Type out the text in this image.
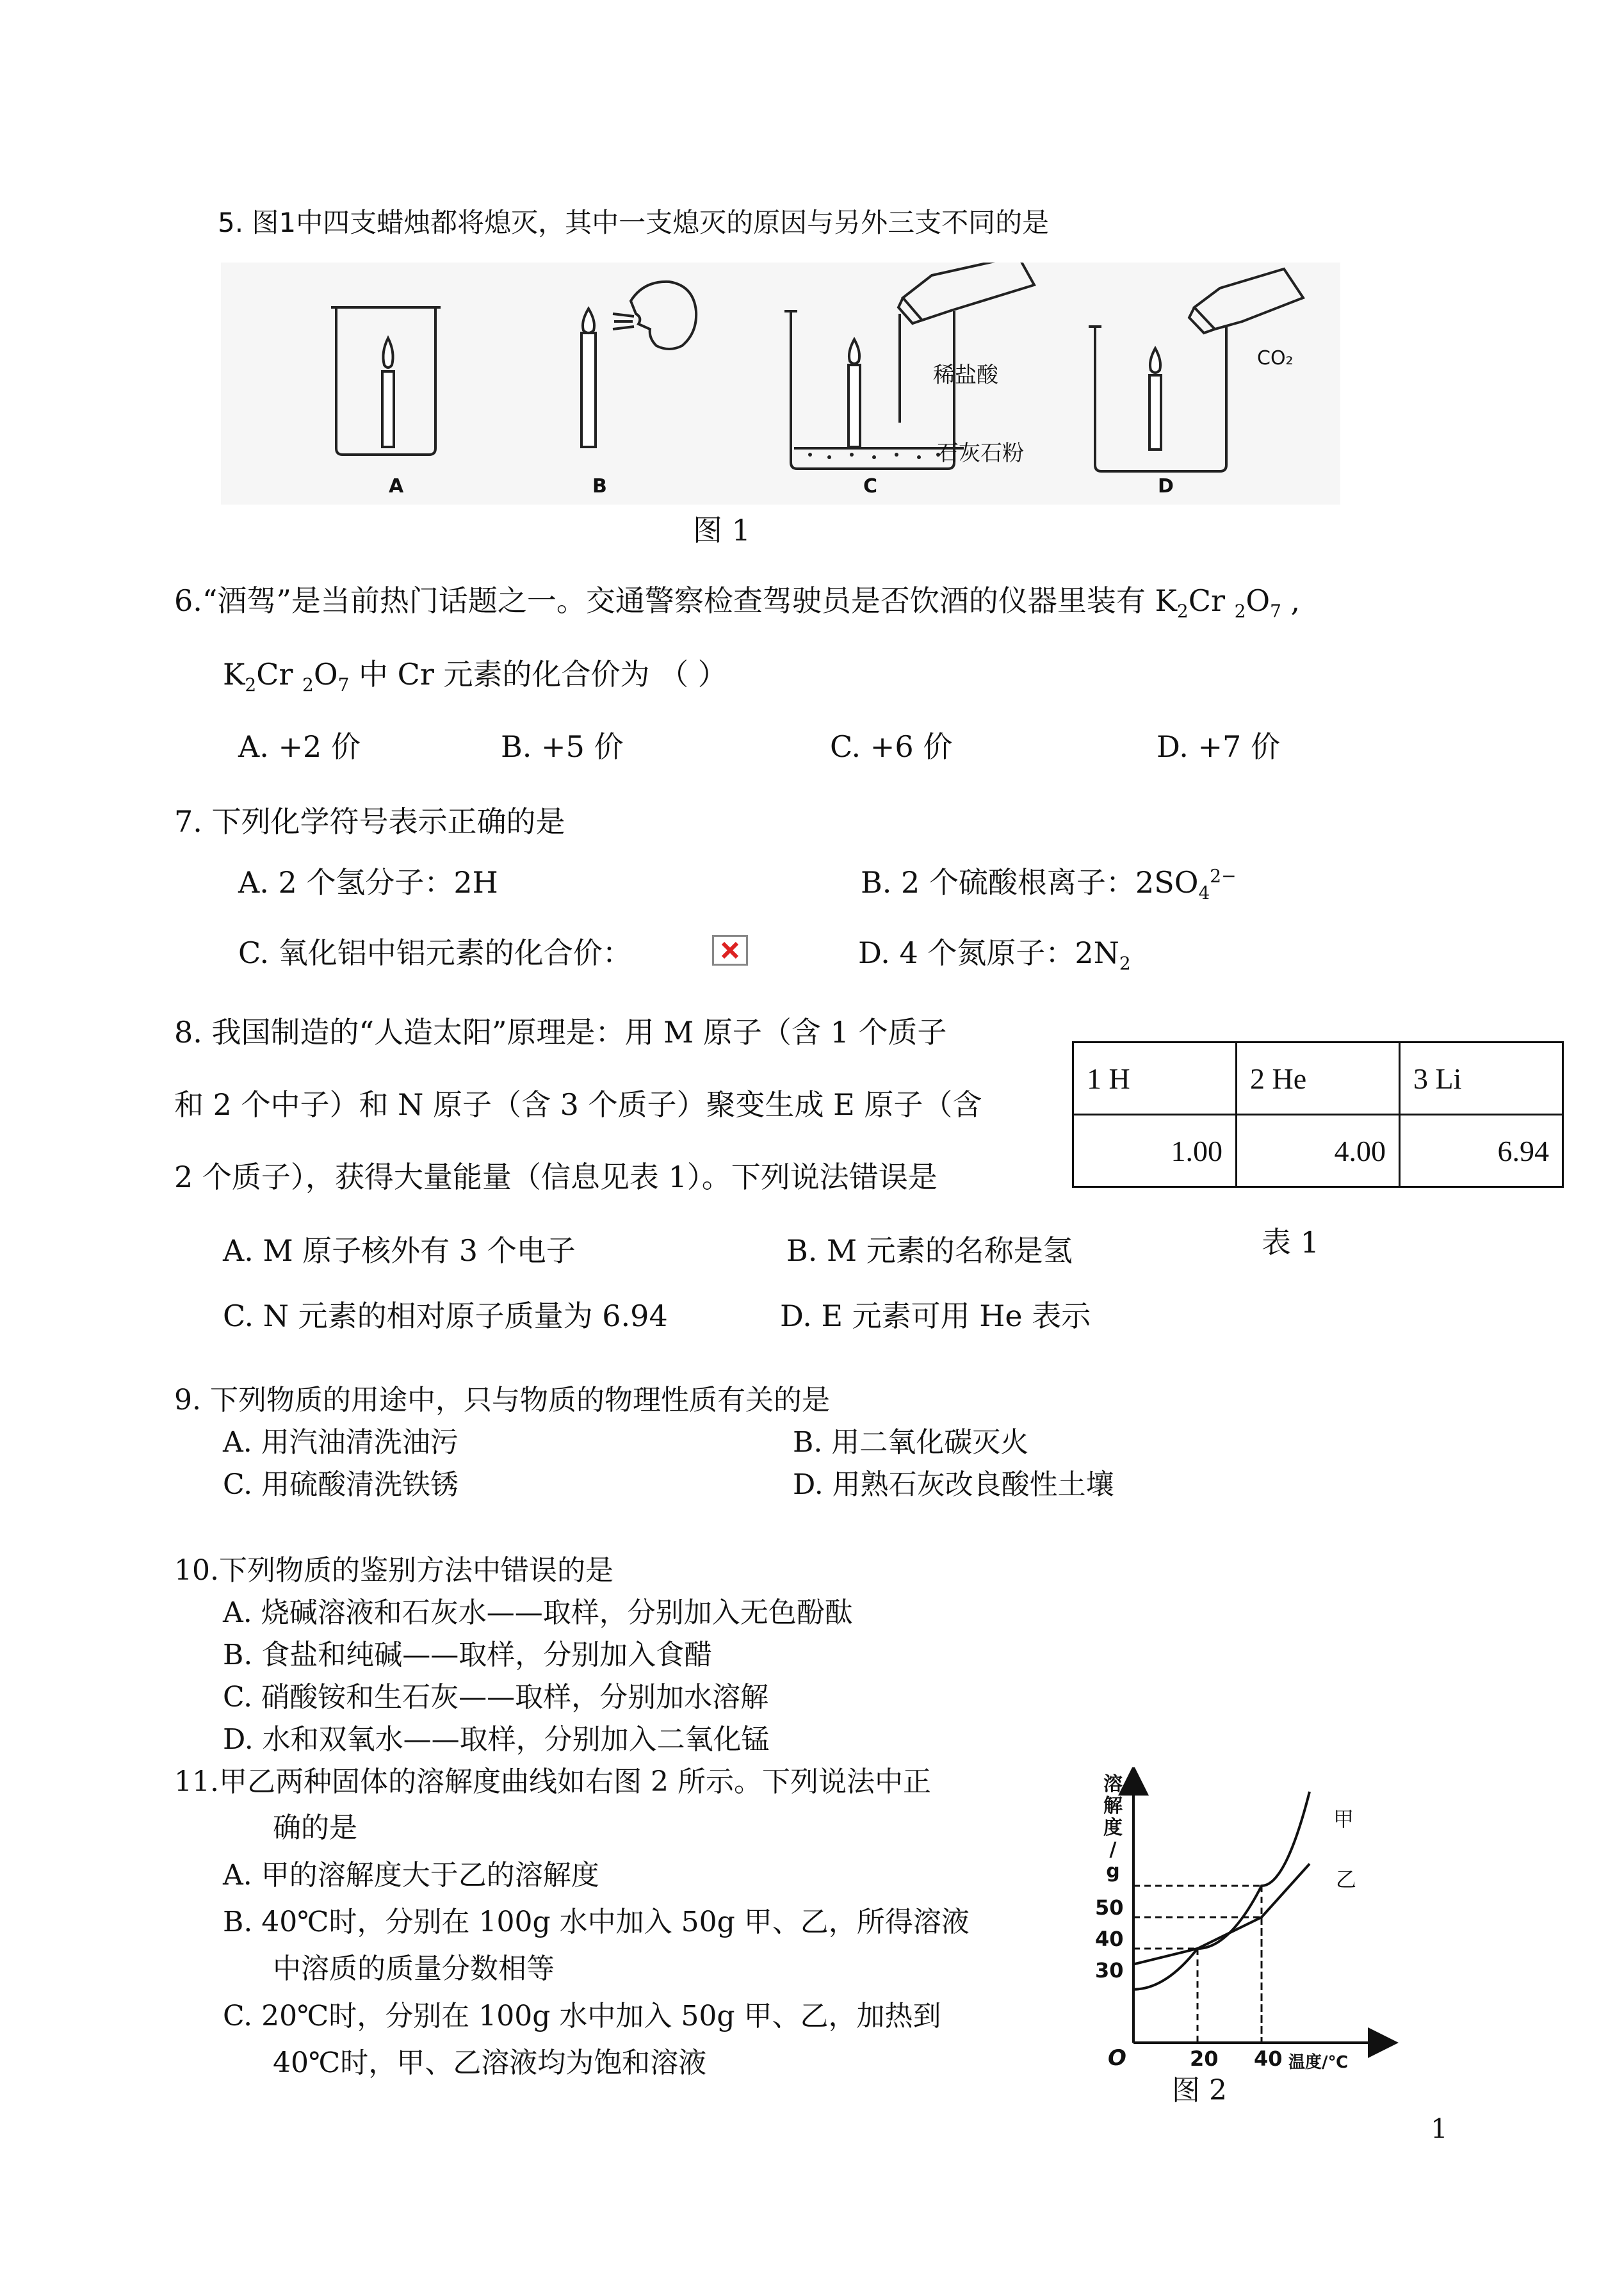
5. 图1中四支蜡烛都将熄灭，其中一支熄灭的原因与另外三支不同的是
A	B	C	D
稀盐酸
石灰石粉
CO₂
图 1
6.“酒驾”是当前热门话题之一。交通警察检查驾驶员是否饮酒的仪器里装有 $K_2Cr$ $_2O_7$ ,
$K_2Cr$ $_2O_7$ 中 Cr 元素的化合价为 （ ）
A. +2 价	B. +5 价	C. +6 价	D. +7 价
7. 下列化学符号表示正确的是
A. 2 个氢分子：2H	B. 2 个硫酸根离子：$2SO_4^{2-}$
C. 氧化铝中铝元素的化合价：	D. 4 个氮原子：$2N_2$
8. 我国制造的“人造太阳”原理是：用 M 原子（含 1 个质子
和 2 个中子）和 N 原子（含 3 个质子）聚变生成 E 原子（含
2 个质子），获得大量能量（信息见表 1）。下列说法错误是
1 H	2 He	3 Li
1.00	4.00	6.94
表 1
A. M 原子核外有 3 个电子	B. M 元素的名称是氢
C. N 元素的相对原子质量为 6.94	D. E 元素可用 He 表示
9. 下列物质的用途中，只与物质的物理性质有关的是
A. 用汽油清洗油污	B. 用二氧化碳灭火
C. 用硫酸清洗铁锈	D. 用熟石灰改良酸性土壤
10.下列物质的鉴别方法中错误的是
A. 烧碱溶液和石灰水——取样，分别加入无色酚酞
B. 食盐和纯碱——取样，分别加入食醋
C. 硝酸铵和生石灰——取样，分别加水溶解
D. 水和双氧水——取样，分别加入二氧化锰
11.甲乙两种固体的溶解度曲线如右图 2 所示。下列说法中正
确的是
A. 甲的溶解度大于乙的溶解度
B. 40℃时，分别在 100g 水中加入 50g 甲、乙，所得溶液
中溶质的质量分数相等
C. 20℃时，分别在 100g 水中加入 50g 甲、乙，加热到
40℃时，甲、乙溶液均为饱和溶液
溶
解
度
/
g
50
40
30
O	20 40 温度/℃
甲
乙
图 2
1
